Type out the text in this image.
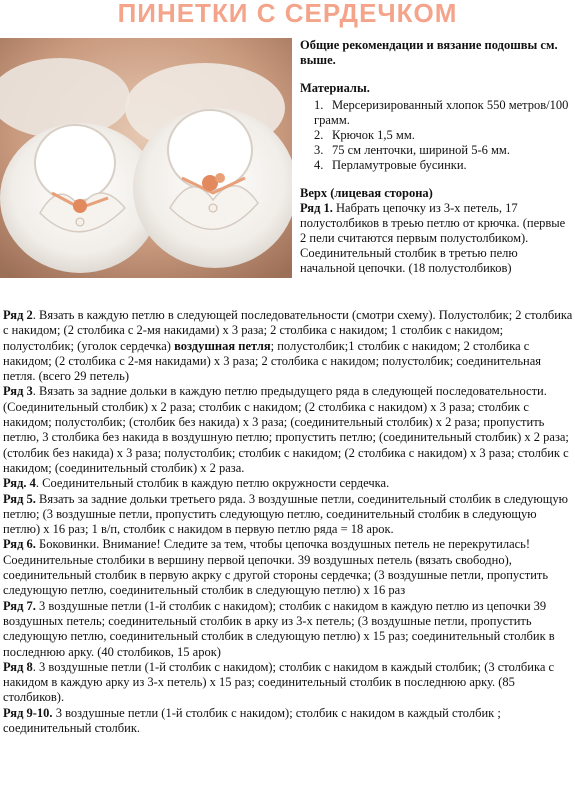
ПИНЕТКИ С СЕРДЕЧКОМ

Общие рекомендации и вязание подошвы см. выше.

Материалы.

1. Мерсеризированный хлопок 550 метров/100 грамм.
2. Крючок 1,5 мм.
3. 75 см ленточки, шириной 5-6 мм.
4. Перламутровые бусинки.

Верх (лицевая сторона)

Ряд 1. Набрать цепочку из 3-х петель, 17 полустолбиков в треью петлю от крючка. (первые 2 пели считаются первым полустолбиком). Соединительный столбик в третью пелю начальной цепочки. (18 полустолбиков)

Ряд 2. Вязать в каждую петлю в следующей последовательности (смотри схему). Полустолбик; 2 столбика с накидом; (2 столбика с 2-мя накидами) х 3 раза; 2 столбика с накидом; 1 столбик с накидом; полустолбик; (уголок сердечка) воздушная петля; полустолбик;1 столбик с накидом; 2 столбика с накидом; (2 столбика с 2-мя накидами) х 3 раза; 2 столбика с накидом; полустолбик; соединительная петля. (всего 29 петель)

Ряд 3. Вязать за задние дольки в каждую петлю предыдущего ряда в следующей последовательности. (Соединительный столбик) х 2 раза; столбик с накидом; (2 столбика с накидом) х 3 раза; столбик с накидом; полустолбик; (столбик без накида) х 3 раза; (соединительный столбик) х 2 раза; пропустить петлю, 3 столбика без накида в воздушную петлю; пропустить петлю; (соединительный столбик) х 2 раза; (столбик без накида) х 3 раза; полустолбик; столбик с накидом; (2 столбика с накидом) х 3 раза; столбик с накидом; (соединительный столбик) х 2 раза.

Ряд. 4. Соединительный столбик в каждую петлю окружности сердечка.

Ряд 5. Вязать за задние дольки третьего ряда. 3 воздушные петли, соединительный столбик в следующую петлю; (3 воздушные петли, пропустить следующую петлю, соединительный столбик в следующую петлю) х 16 раз; 1 в/п, столбик с накидом в первую петлю ряда = 18 арок.

Ряд 6. Боковинки. Внимание! Следите за тем, чтобы цепочка воздушных петель не перекрутилась! Соединительные столбики в вершину первой цепочки. 39 воздушных петель (вязать свободно), соединительный столбик в первую акрку с другой стороны сердечка; (3 воздушные петли, пропустить следующую петлю, соединительный столбик в следующую петлю) х 16 раз

Ряд 7. 3 воздушные петли (1-й столбик с накидом); столбик с накидом в каждую петлю из цепочки 39 воздушных петель; соединительный столбик в арку из 3-х петель; (3 воздушные петли, пропустить следующую петлю, соединительный столбик в следующую петлю) х 15 раз; соединительный столбик в последнюю арку. (40 столбиков, 15 арок)

Ряд 8. 3 воздушные петли (1-й столбик с накидом); столбик с накидом в каждый столбик; (3 столбика с накидом в каждую арку из 3-х петель) х 15 раз; соединительный столбик в последнюю арку. (85 столбиков).

Ряд 9-10. 3 воздушные петли (1-й столбик с накидом); столбик с накидом в каждый столбик ; соединительный столбик.
